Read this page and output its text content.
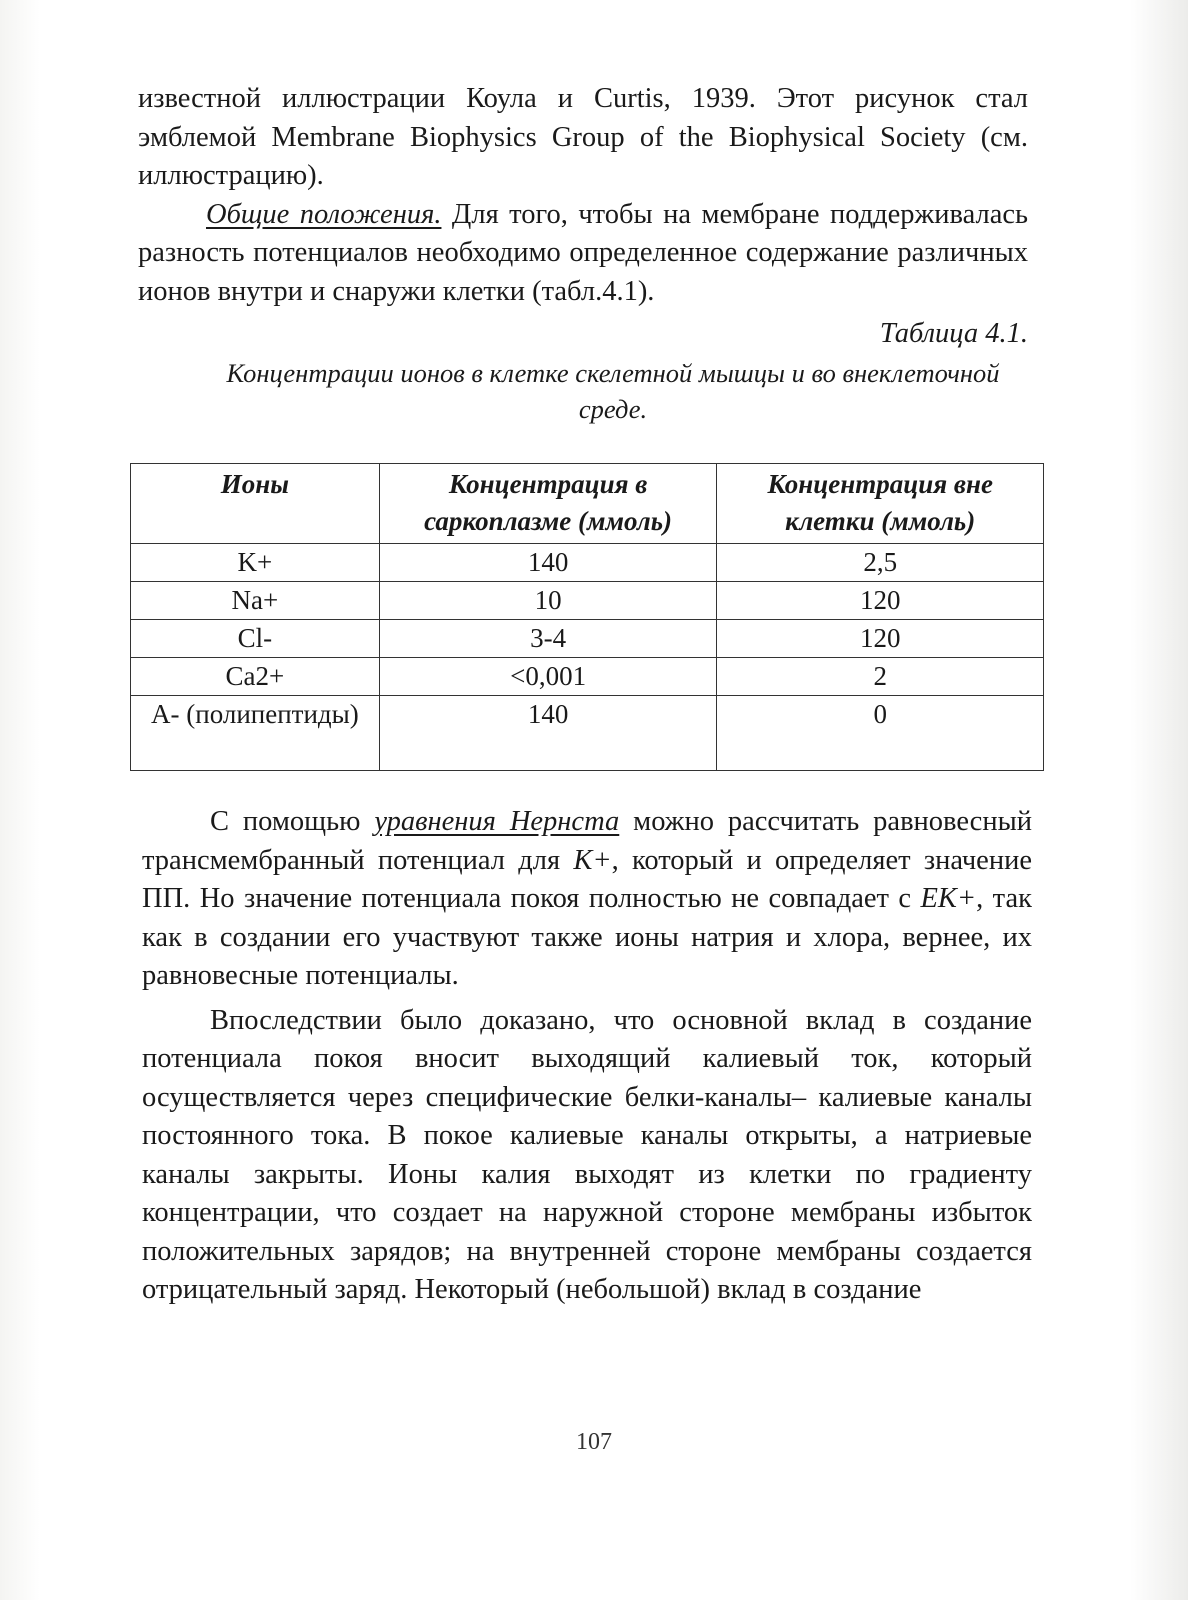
известной иллюстрации Коула и Curtis, 1939. Этот рисунок стал эмблемой Membrane Biophysics Group of the Biophysical Society (см. иллюстрацию).

Общие положения. Для того, чтобы на мембране поддерживалась разность потенциалов необходимо определенное содержание различных ионов внутри и снаружи клетки (табл.4.1).

Таблица 4.1.
Концентрации ионов в клетке скелетной мышцы и во внеклеточной среде.
Ионы	Концентрация в саркоплазме (ммоль)	Концентрация вне клетки (ммоль)
K+	140	2,5
Na+	10	120
Cl-	3-4	120
Ca2+	<0,001	2
A- (полипептиды)	140	0

С помощью уравнения Нернста можно рассчитать равновесный трансмембранный потенциал для K+, который и определяет значение ПП. Но значение потенциала покоя полностью не совпадает с EK+, так как в создании его участвуют также ионы натрия и хлора, вернее, их равновесные потенциалы.

Впоследствии было доказано, что основной вклад в создание потенциала покоя вносит выходящий калиевый ток, который осуществляется через специфические белки-каналы– калиевые каналы постоянного тока. В покое калиевые каналы открыты, а натриевые каналы закрыты. Ионы калия выходят из клетки по градиенту концентрации, что создает на наружной стороне мембраны избыток положительных зарядов; на внутренней стороне мембраны создается отрицательный заряд. Некоторый (небольшой) вклад в создание

107
